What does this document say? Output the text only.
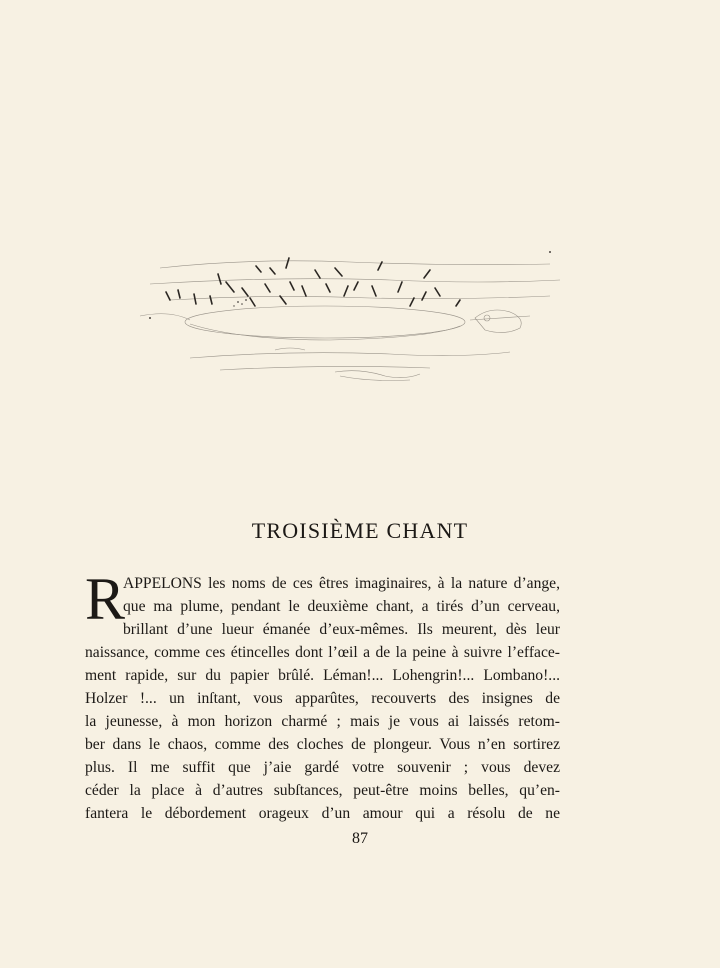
TROISIÈME CHANT
R
APPELONS les noms de ces êtres imaginaires, à la nature d’ange,
que ma plume, pendant le deuxième chant, a tirés d’un cerveau,
brillant d’une lueur émanée d’eux-mêmes. Ils meurent, dès leur
naissance, comme ces étincelles dont l’œil a de la peine à suivre l’efface-
ment rapide, sur du papier brûlé. Léman!... Lohengrin!... Lombano!...
Holzer !... un inſtant, vous apparûtes, recouverts des insignes de
la jeunesse, à mon horizon charmé ; mais je vous ai laissés retom-
ber dans le chaos, comme des cloches de plongeur. Vous n’en sortirez
plus. Il me suffit que j’aie gardé votre souvenir ; vous devez
céder la place à d’autres subſtances, peut-être moins belles, qu’en-
fantera le débordement orageux d’un amour qui a résolu de ne
87
